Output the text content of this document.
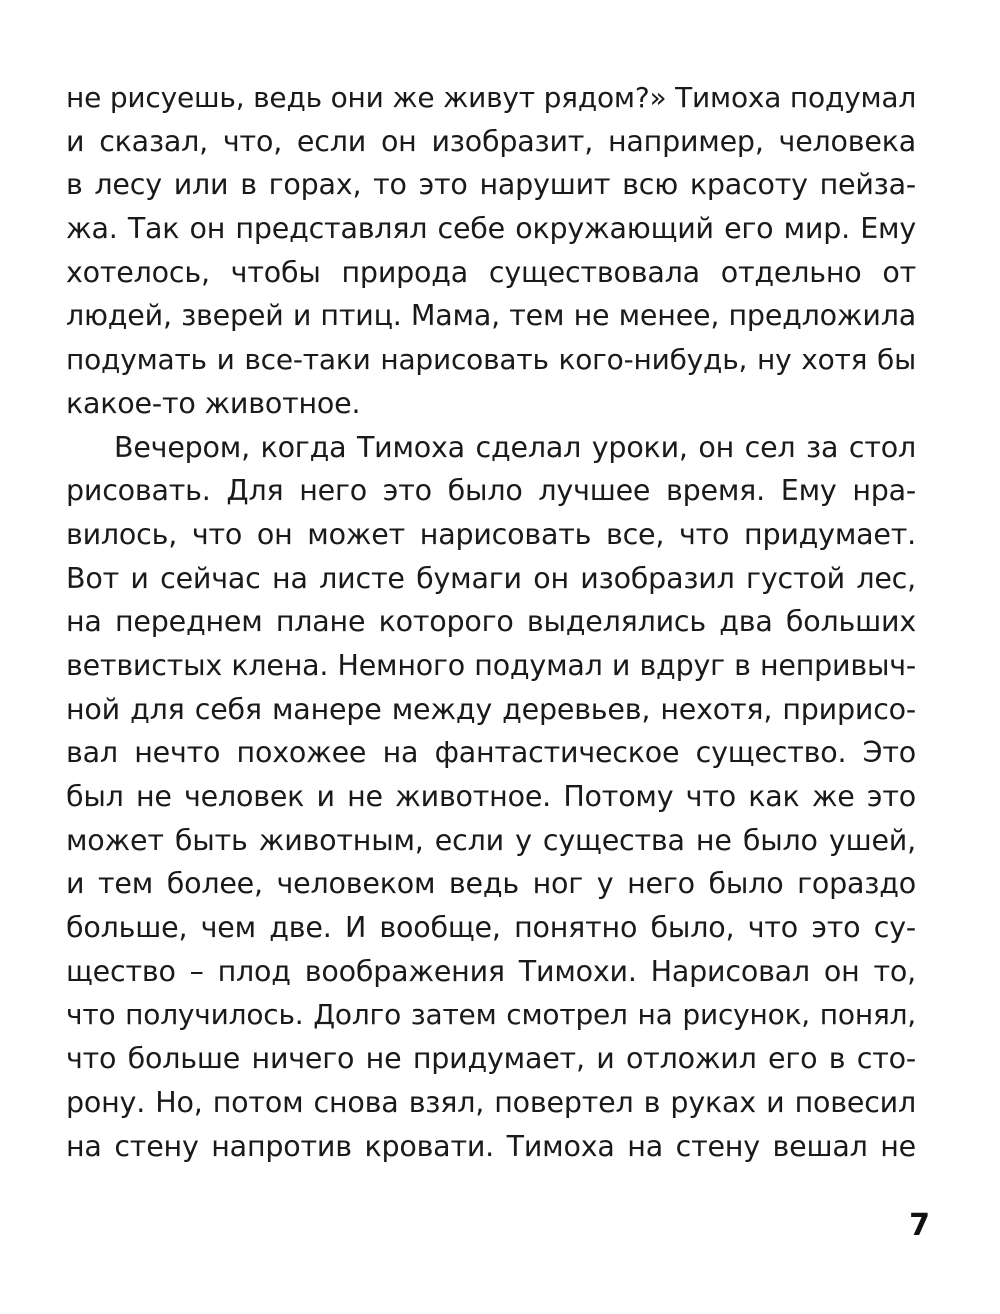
не рисуешь, ведь они же живут рядом?» Тимоха подумал
и сказал, что, если он изобразит, например, человека
в лесу или в горах, то это нарушит всю красоту пейза-
жа. Так он представлял себе окружающий его мир. Ему
хотелось, чтобы природа существовала отдельно от
людей, зверей и птиц. Мама, тем не менее, предложила
подумать и все-таки нарисовать кого-нибудь, ну хотя бы
какое-то животное.
Вечером, когда Тимоха сделал уроки, он сел за стол
рисовать. Для него это было лучшее время. Ему нра-
вилось, что он может нарисовать все, что придумает.
Вот и сейчас на листе бумаги он изобразил густой лес,
на переднем плане которого выделялись два больших
ветвистых клена. Немного подумал и вдруг в непривыч-
ной для себя манере между деревьев, нехотя, пририсо-
вал нечто похожее на фантастическое существо. Это
был не человек и не животное. Потому что как же это
может быть животным, если у существа не было ушей,
и тем более, человеком ведь ног у него было гораздо
больше, чем две. И вообще, понятно было, что это су-
щество – плод воображения Тимохи. Нарисовал он то,
что получилось. Долго затем смотрел на рисунок, понял,
что больше ничего не придумает, и отложил его в сто-
рону. Но, потом снова взял, повертел в руках и повесил
на стену напротив кровати. Тимоха на стену вешал не
7
